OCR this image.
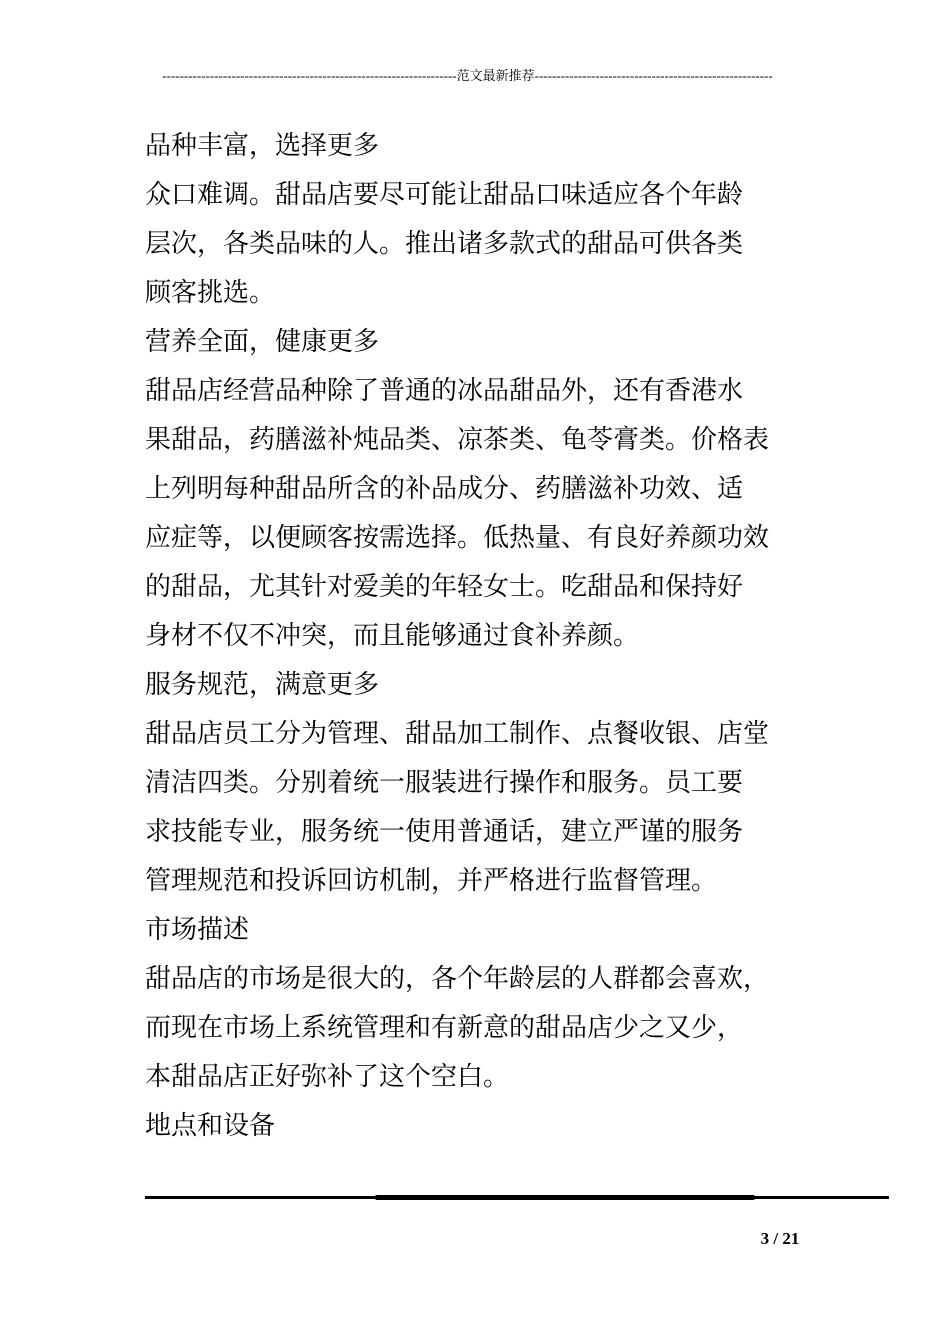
--------------------------------------------------------------------范文最新推荐-------------------------------------------------------
品种丰富，选择更多
众口难调。甜品店要尽可能让甜品口味适应各个年龄
层次，各类品味的人。推出诸多款式的甜品可供各类
顾客挑选。
营养全面，健康更多
甜品店经营品种除了普通的冰品甜品外，还有香港水
果甜品，药膳滋补炖品类、凉茶类、龟苓膏类。价格表
上列明每种甜品所含的补品成分、药膳滋补功效、适
应症等，以便顾客按需选择。低热量、有良好养颜功效
的甜品，尤其针对爱美的年轻女士。吃甜品和保持好
身材不仅不冲突，而且能够通过食补养颜。
服务规范，满意更多
甜品店员工分为管理、甜品加工制作、点餐收银、店堂
清洁四类。分别着统一服装进行操作和服务。员工要
求技能专业，服务统一使用普通话，建立严谨的服务
管理规范和投诉回访机制，并严格进行监督管理。
市场描述
甜品店的市场是很大的，各个年龄层的人群都会喜欢，
而现在市场上系统管理和有新意的甜品店少之又少，
本甜品店正好弥补了这个空白。
地点和设备
3 / 21
